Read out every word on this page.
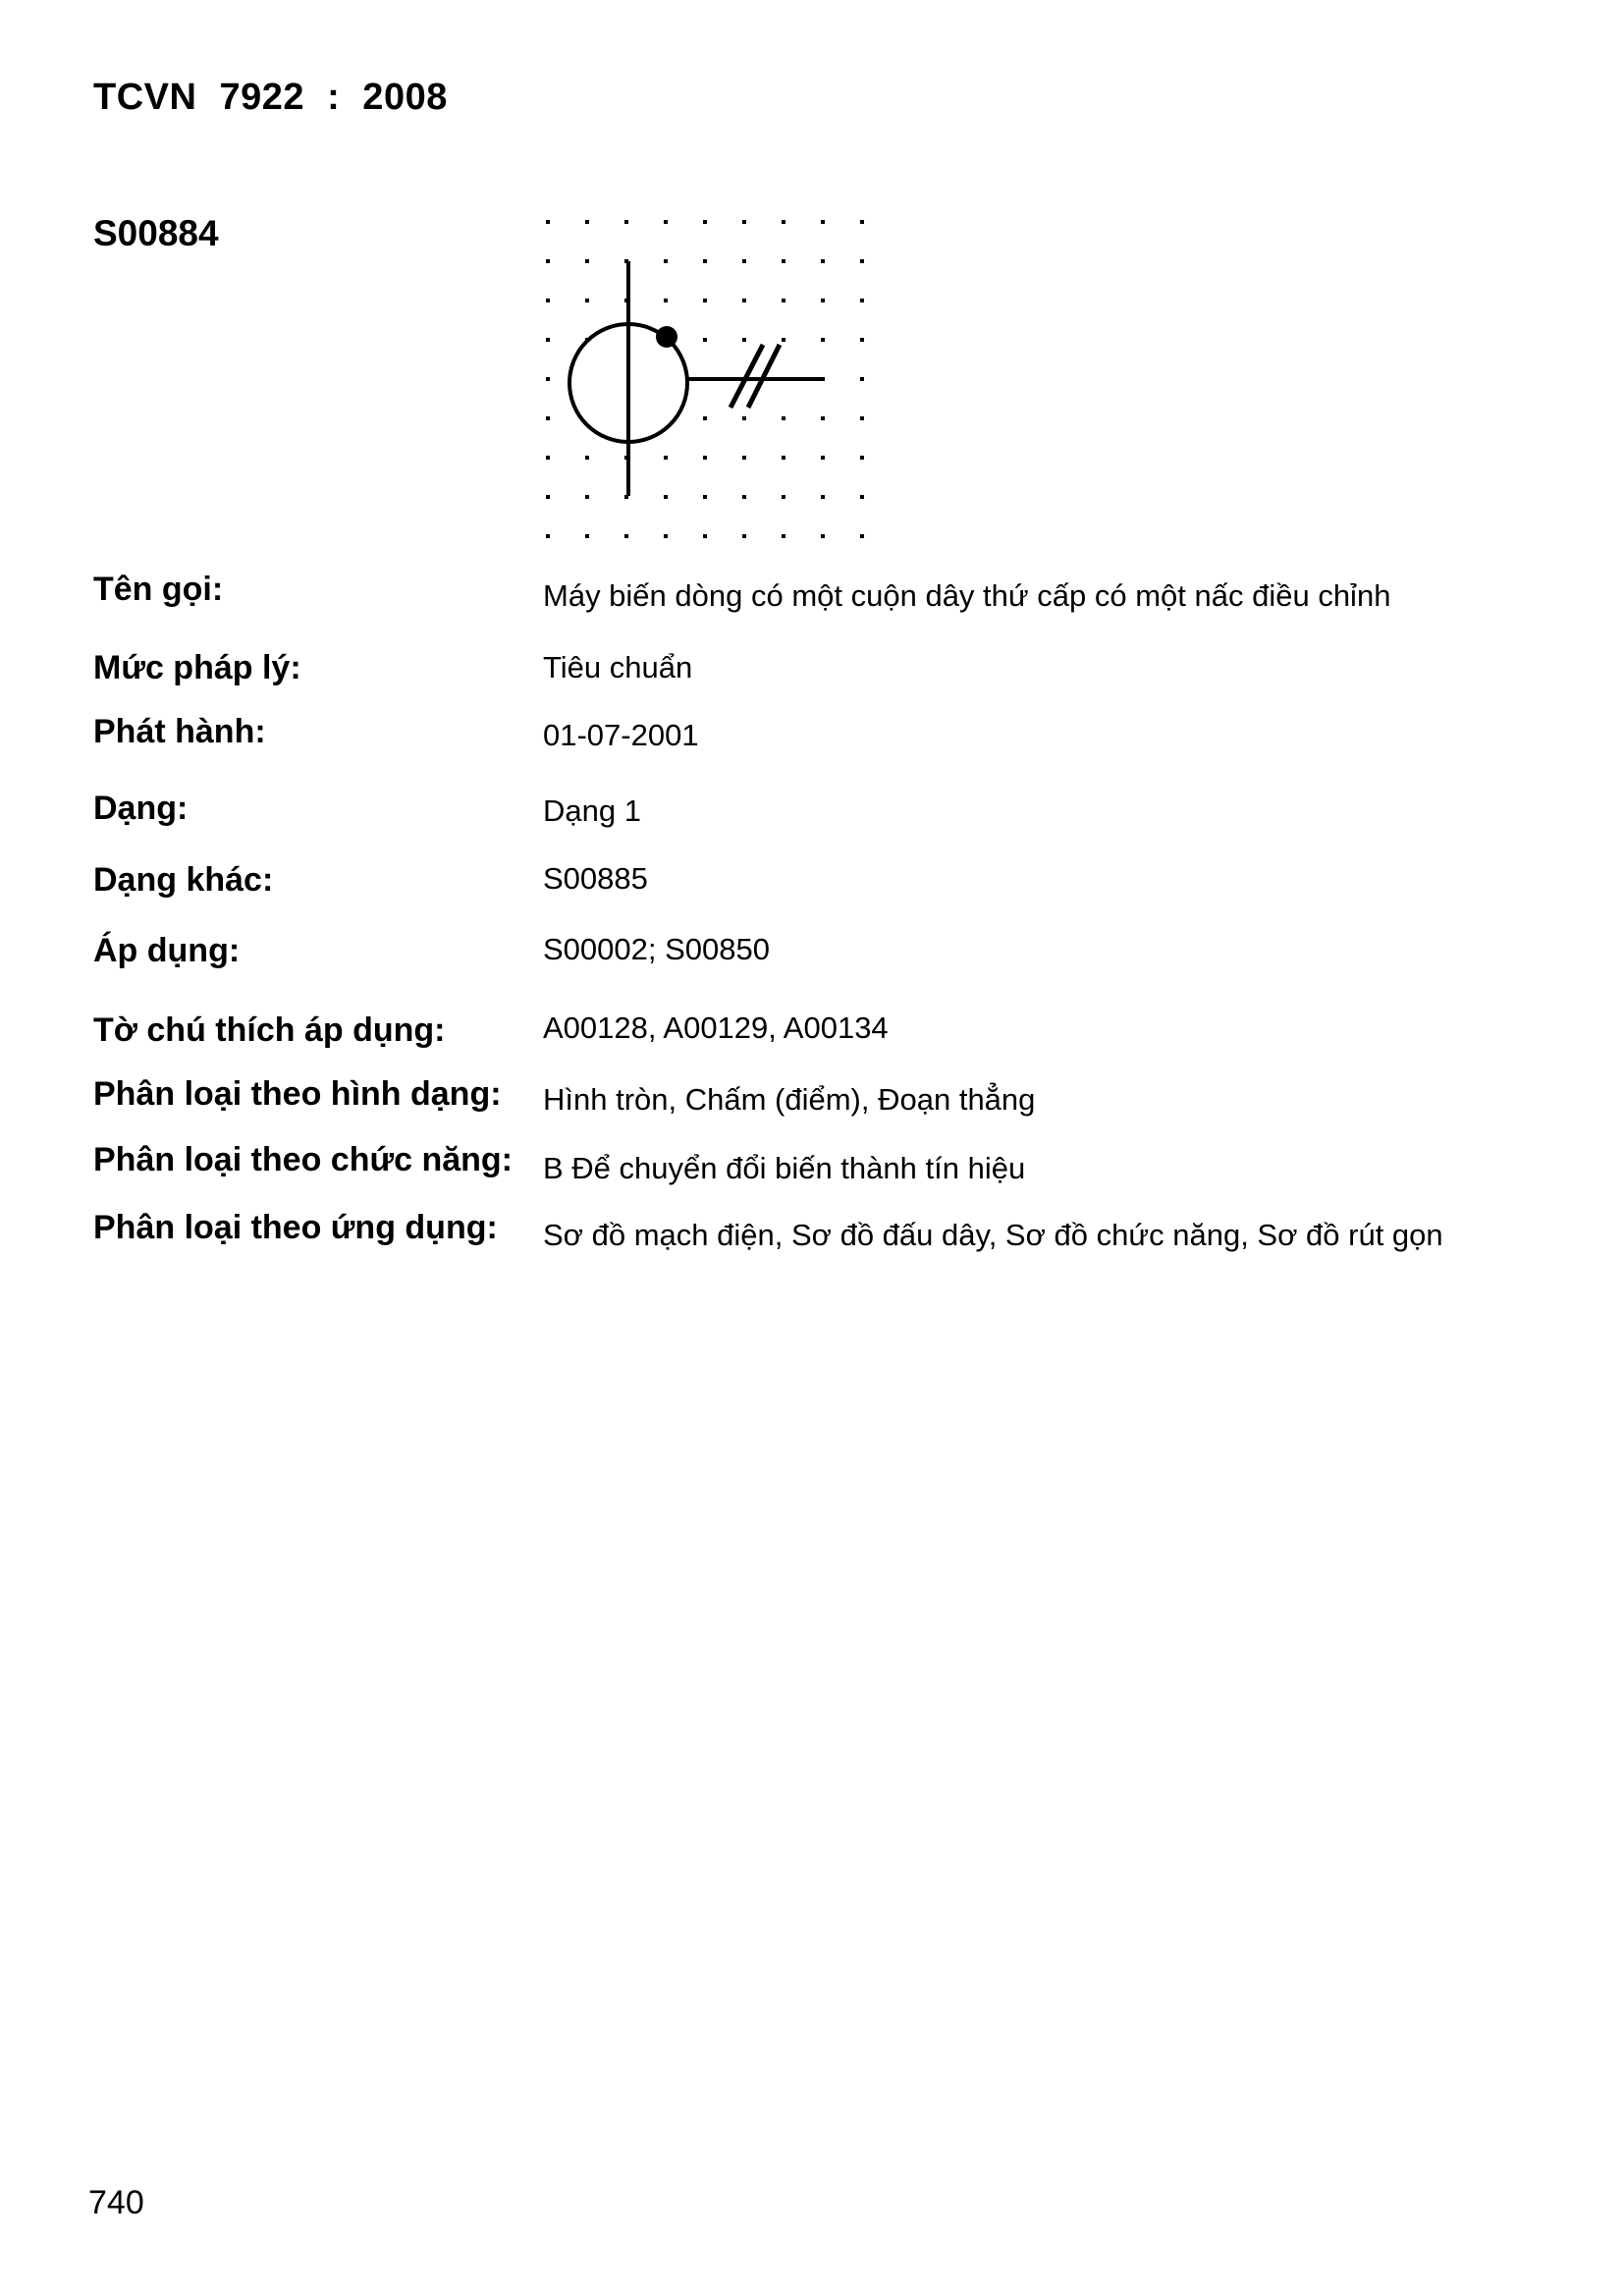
TCVN 7922 : 2008
S00884
Tên gọi:	Máy biến dòng có một cuộn dây thứ cấp có một nấc điều chỉnh
Mức pháp lý:	Tiêu chuẩn
Phát hành:	01-07-2001
Dạng:	Dạng 1
Dạng khác:	S00885
Áp dụng:	S00002; S00850
Tờ chú thích áp dụng:	A00128, A00129, A00134
Phân loại theo hình dạng: Hình tròn, Chấm (điểm), Đoạn thẳng
Phân loại theo chức năng: B Để chuyển đổi biến thành tín hiệu
Phân loại theo ứng dụng: Sơ đồ mạch điện, Sơ đồ đấu dây, Sơ đồ chức năng, Sơ đồ rút gọn
740
